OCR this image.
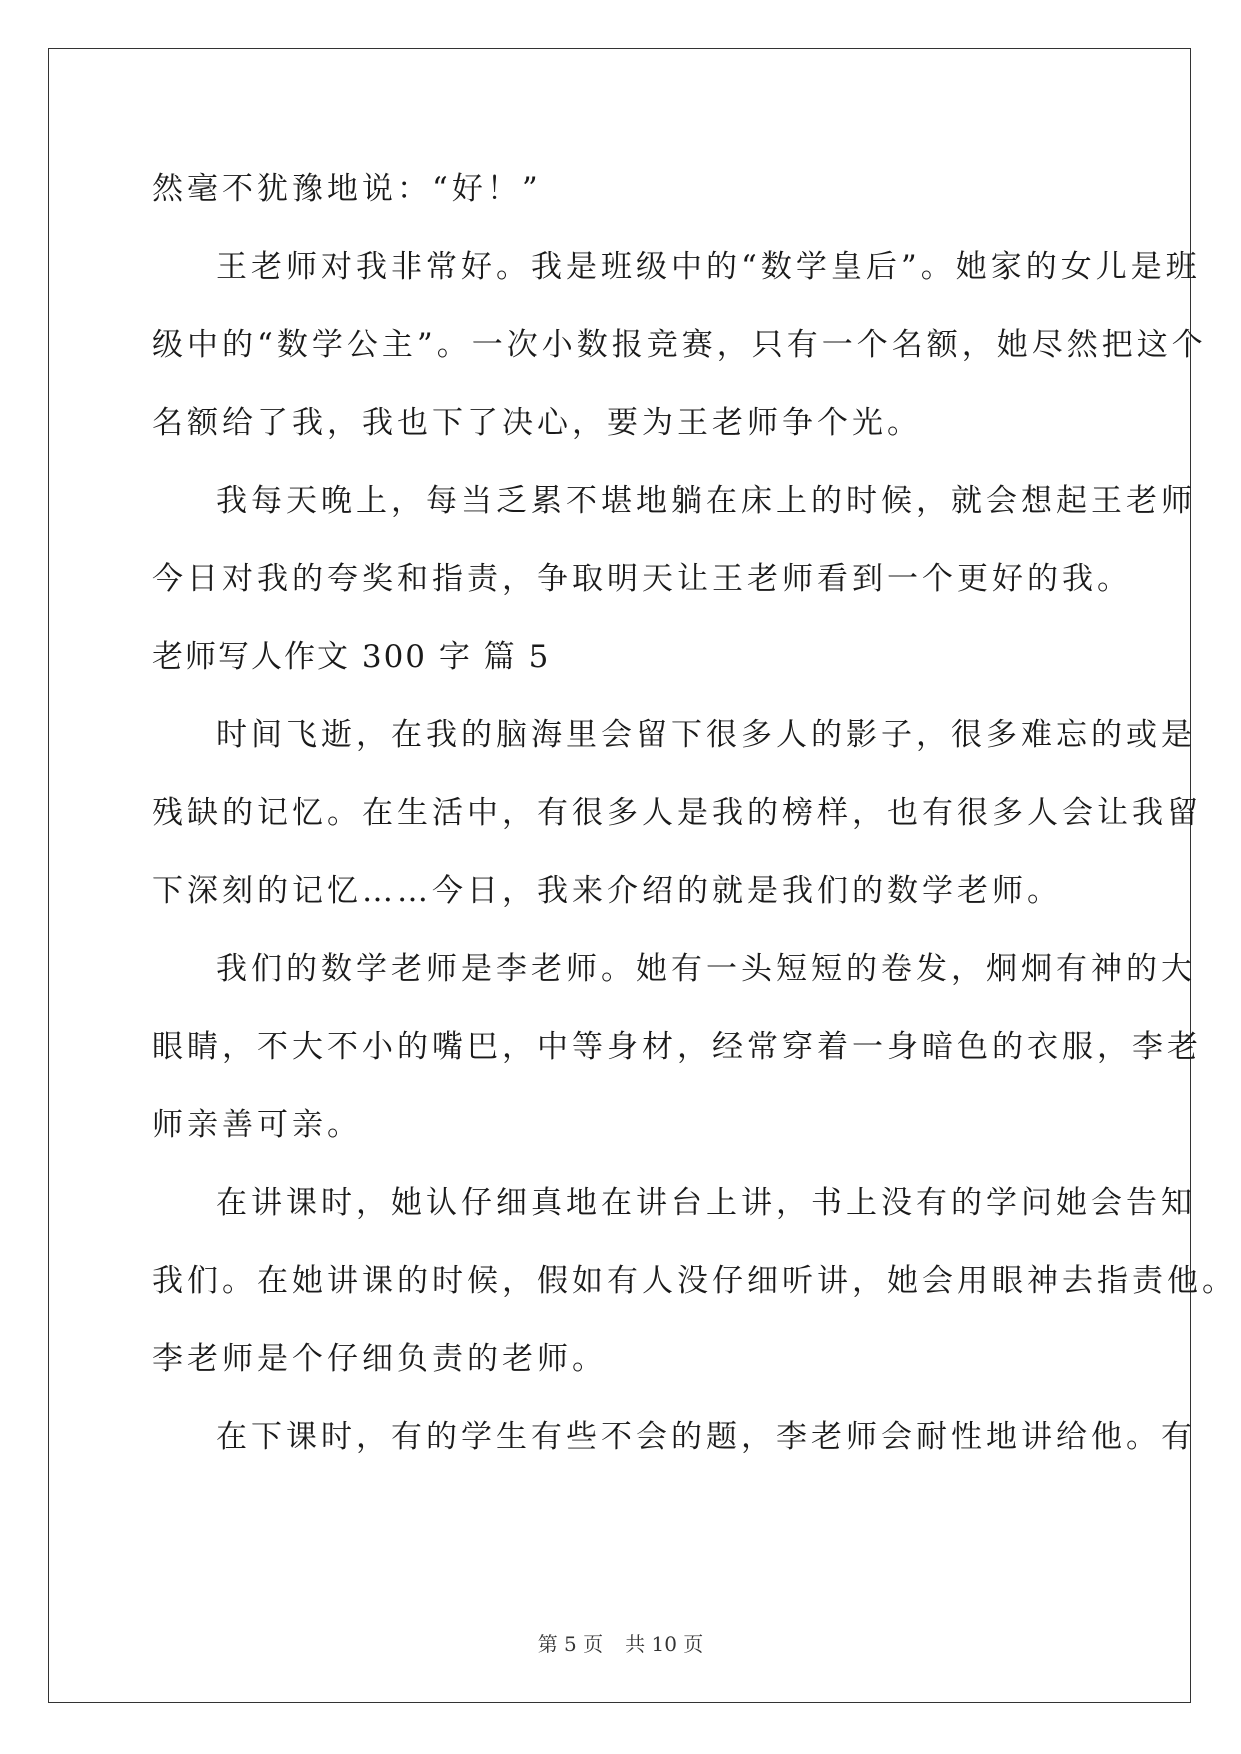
然毫不犹豫地说：“好！”
王老师对我非常好。我是班级中的“数学皇后”。她家的女儿是班
级中的“数学公主”。一次小数报竞赛，只有一个名额，她尽然把这个
名额给了我，我也下了决心，要为王老师争个光。
我每天晚上，每当乏累不堪地躺在床上的时候，就会想起王老师
今日对我的夸奖和指责，争取明天让王老师看到一个更好的我。
老师写人作文 300 字 篇 5
时间飞逝，在我的脑海里会留下很多人的影子，很多难忘的或是
残缺的记忆。在生活中，有很多人是我的榜样，也有很多人会让我留
下深刻的记忆……今日，我来介绍的就是我们的数学老师。
我们的数学老师是李老师。她有一头短短的卷发，炯炯有神的大
眼睛，不大不小的嘴巴，中等身材，经常穿着一身暗色的衣服，李老
师亲善可亲。
在讲课时，她认仔细真地在讲台上讲，书上没有的学问她会告知
我们。在她讲课的时候，假如有人没仔细听讲，她会用眼神去指责他。
李老师是个仔细负责的老师。
在下课时，有的学生有些不会的题，李老师会耐性地讲给他。有
第 5 页 共 10 页
